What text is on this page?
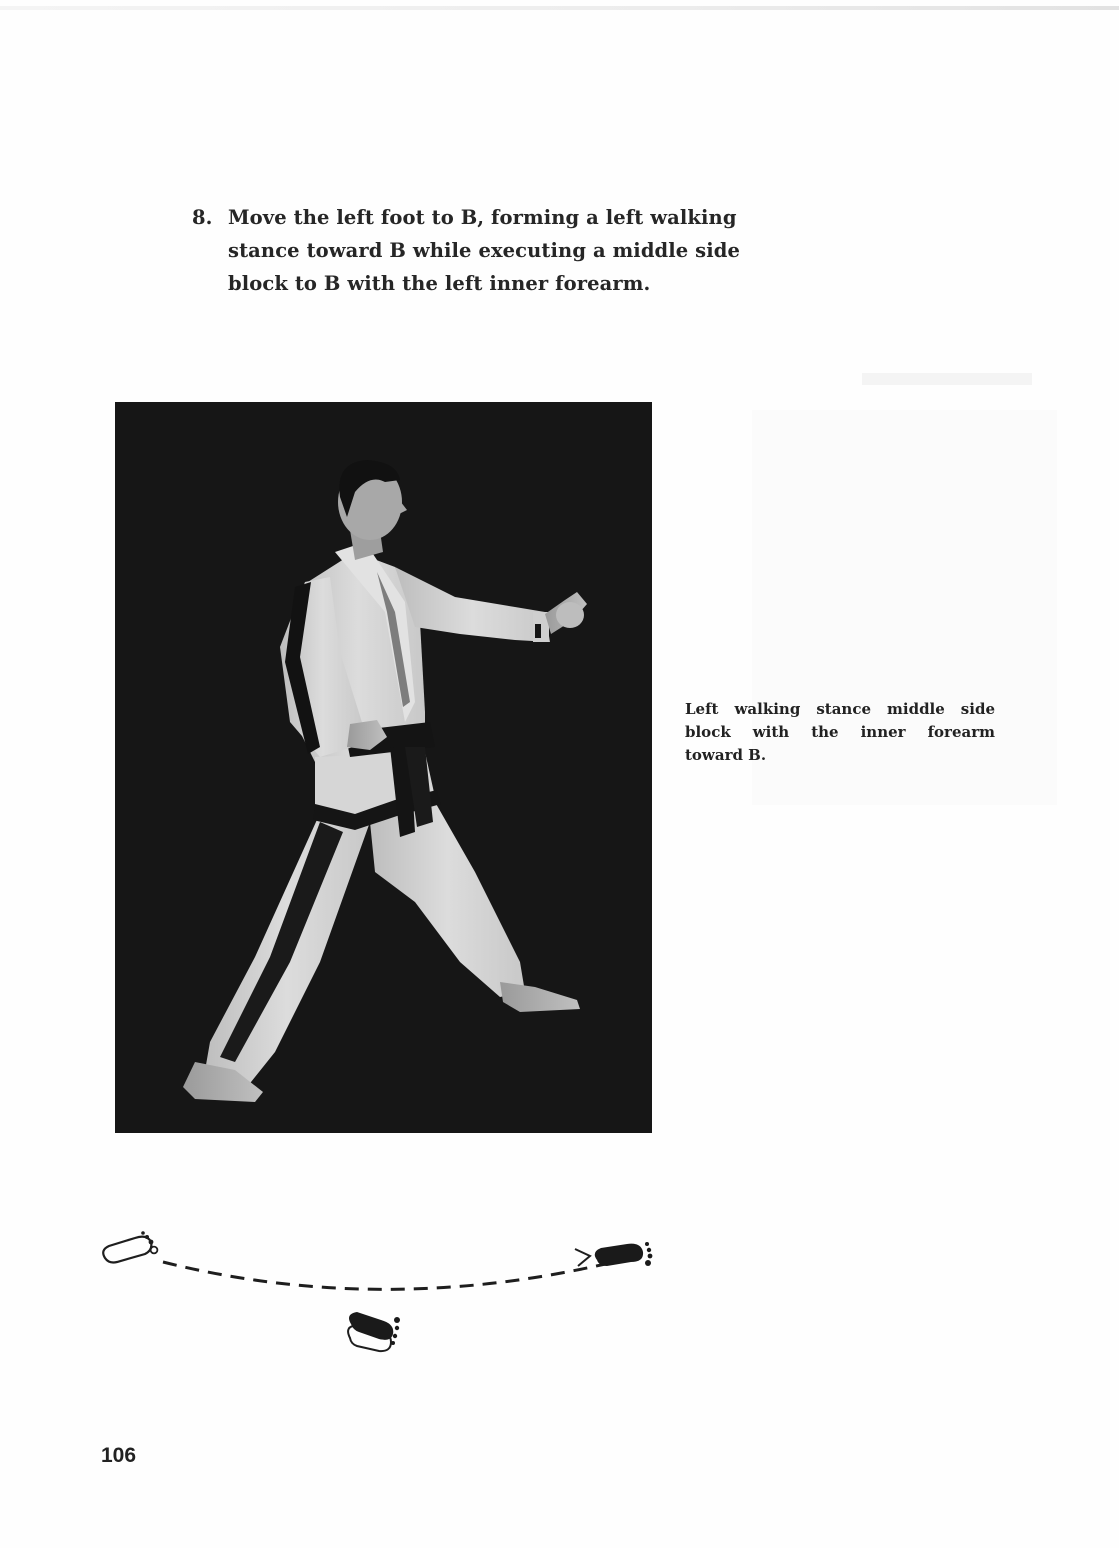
8. Move the left foot to B, forming a left walking
stance toward B while executing a middle side
block to B with the left inner forearm.
Left walking stance middle side
block with the inner forearm
toward B.
106
